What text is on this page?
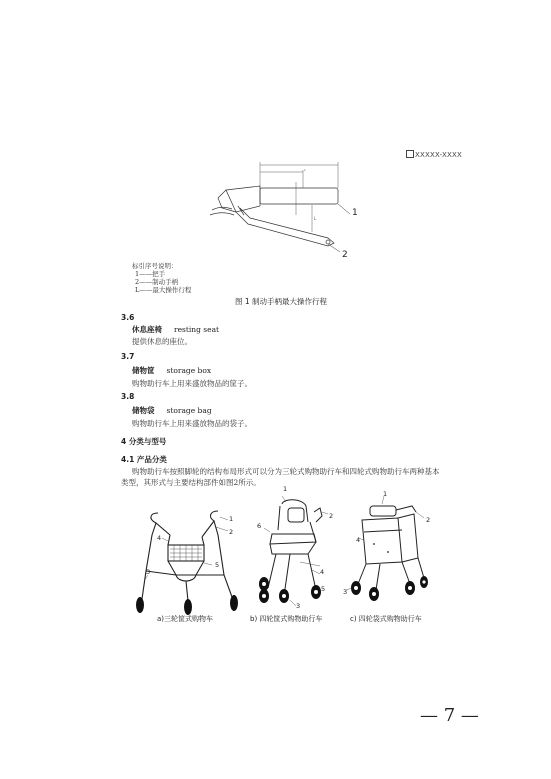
XXXXX-XXXX
L
L
1
2
标引序号说明：
1——把手
2——制动手柄
L——最大操作行程
图 1 制动手柄最大操作行程
3.6
休息座椅 resting seat
提供休息的座位。
3.7
储物筐 storage box
购物助行车上用来盛放物品的筐子。
3.8
储物袋 storage bag
购物助行车上用来盛放物品的袋子。
4 分类与型号
4.1 产品分类
购物助行车按照脚轮的结构布局形式可以分为三轮式购物助行车和四轮式购物助行车两种基本类型，其形式与主要结构部件如图2所示。
1
2
4
5
3
1
2
6
4
5
3
1
2
4
3
a)三轮筐式购物车	b) 四轮筐式购物助行车	c) 四轮袋式购物助行车
— 7 —
